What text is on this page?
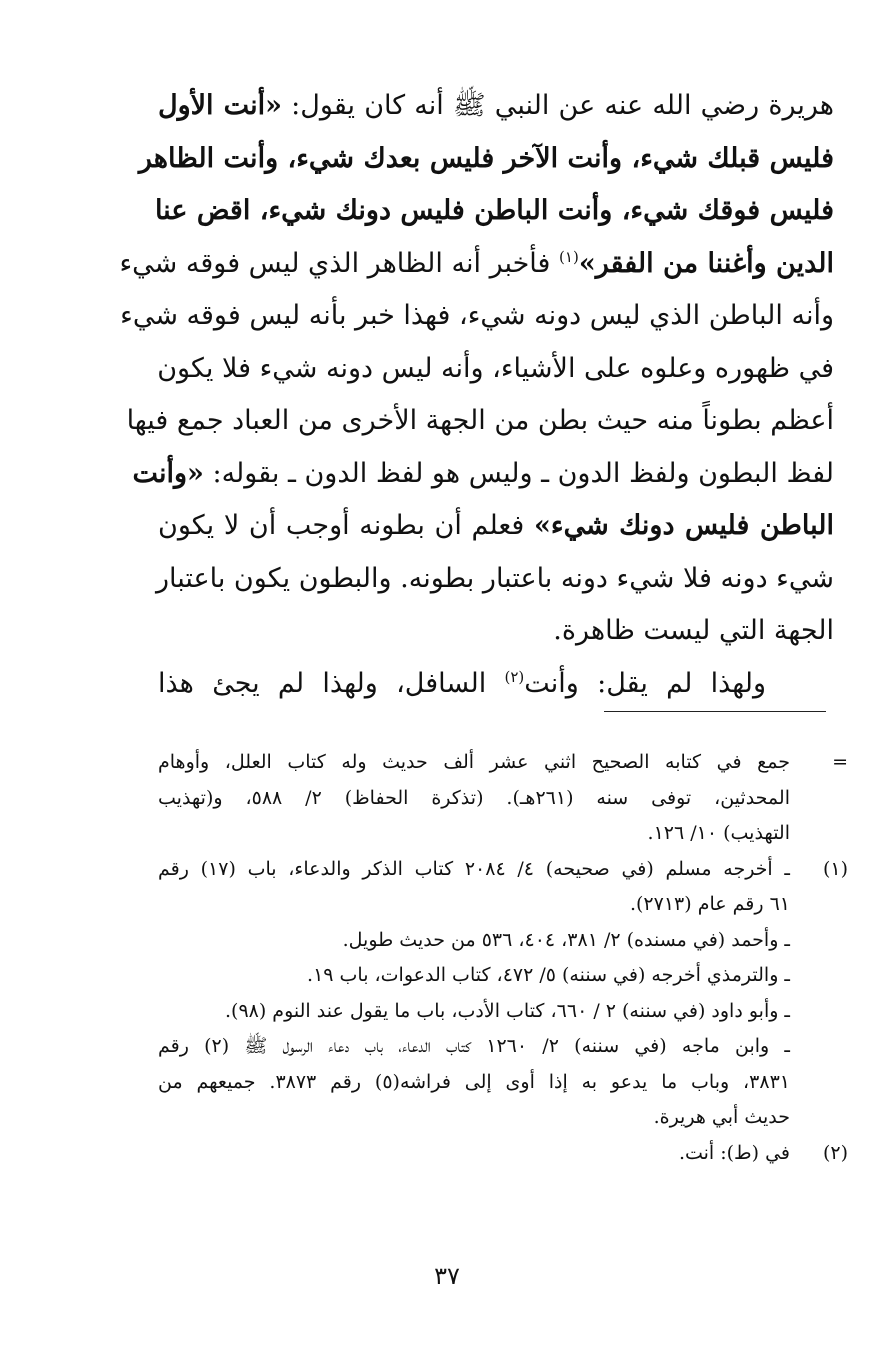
هريرة رضي الله عنه عن النبي ﷺ أنه كان يقول: «أنت الأول
فليس قبلك شيء، وأنت الآخر فليس بعدك شيء، وأنت الظاهر
فليس فوقك شيء، وأنت الباطن فليس دونك شيء، اقض عنا
الدين وأغننا من الفقر»$^{(١)}$ فأخبر أنه الظاهر الذي ليس فوقه شيء
وأنه الباطن الذي ليس دونه شيء، فهذا خبر بأنه ليس فوقه شيء
في ظهوره وعلوه على الأشياء، وأنه ليس دونه شيء فلا يكون
أعظم بطوناً منه حيث بطن من الجهة الأخرى من العباد جمع فيها
لفظ البطون ولفظ الدون ـ وليس هو لفظ الدون ـ بقوله: «وأنت
الباطن فليس دونك شيء» فعلم أن بطونه أوجب أن لا يكون
شيء دونه فلا شيء دونه باعتبار بطونه. والبطون يكون باعتبار
الجهة التي ليست ظاهرة.
ولهذا لم يقل: وأنت$^{(٢)}$ السافل، ولهذا لم يجئ هذا
=
جمع في كتابه الصحيح اثني عشر ألف حديث وله كتاب العلل، وأوهام
المحدثين، توفى سنه (٢٦١هـ). (تذكرة الحفاظ) ٢/ ٥٨٨، و(تهذيب
التهذيب) ١٠/ ١٢٦.
(١)
ـ أخرجه مسلم (في صحيحه) ٤/ ٢٠٨٤ كتاب الذكر والدعاء، باب (١٧) رقم
٦١ رقم عام (٢٧١٣).
ـ وأحمد (في مسنده) ٢/ ٣٨١، ٤٠٤، ٥٣٦ من حديث طويل.
ـ والترمذي أخرجه (في سننه) ٥/ ٤٧٢، كتاب الدعوات، باب ١٩.
ـ وأبو داود (في سننه) ٢ / ٦٦٠، كتاب الأدب، باب ما يقول عند النوم (٩٨).
ـ وابن ماجه (في سننه) ٢/ ١٢٦٠ كتاب الدعاء، باب دعاء الرسول ﷺ (٢) رقم
٣٨٣١، وباب ما يدعو به إذا أوى إلى فراشه(٥) رقم ٣٨٧٣. جميعهم من
حديث أبي هريرة.
(٢)
في (ط): أنت.
٣٧
